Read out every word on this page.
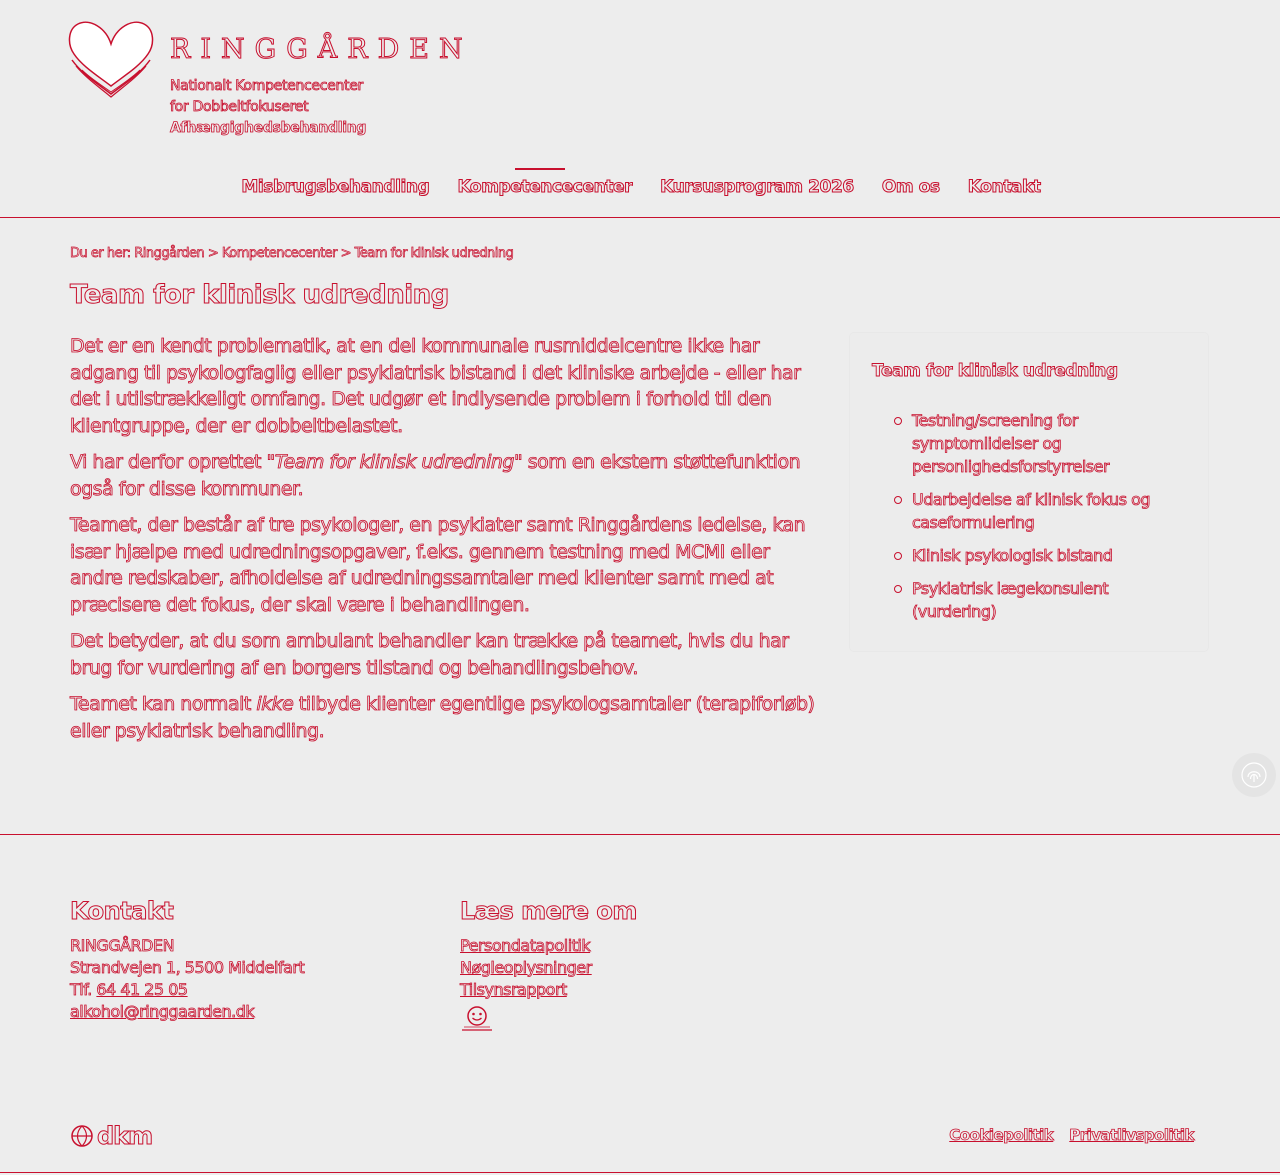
RINGGÅRDEN
Nationalt Kompetencecenter
for Dobbeltfokuseret
Afhængighedsbehandling
Misbrugsbehandling Kompetencecenter Kursusprogram 2026 Om os Kontakt
Du er her: Ringgården > Kompetencecenter > Team for klinisk udredning
Team for klinisk udredning

Det er en kendt problematik, at en del kommunale rusmiddelcentre ikke har adgang til psykologfaglig eller psykiatrisk bistand i det kliniske arbejde - eller har det i utilstrækkeligt omfang. Det udgør et indlysende problem i forhold til den klientgruppe, der er dobbeltbelastet.

Vi har derfor oprettet "Team for klinisk udredning" som en ekstern støttefunktion også for disse kommuner.

Teamet, der består af tre psykologer, en psykiater samt Ringgårdens ledelse, kan især hjælpe med udredningsopgaver, f.eks. gennem testning med MCMI eller andre redskaber, afholdelse af udredningssamtaler med klienter samt med at præcisere det fokus, der skal være i behandlingen.

Det betyder, at du som ambulant behandler kan trække på teamet, hvis du har brug for vurdering af en borgers tilstand og behandlingsbehov.

Teamet kan normalt ikke tilbyde klienter egentlige psykologsamtaler (terapiforløb) eller psykiatrisk behandling.

Team for klinisk udredning
Testning/screening for symptomlidelser og personlighedsforstyrrelser
Udarbejdelse af klinisk fokus og caseformulering
Klinisk psykologisk bistand
Psykiatrisk lægekonsulent (vurdering)
Kontakt
RINGGÅRDEN
Strandvejen 1, 5500 Middelfart
Tlf. 64 41 25 05
alkohol@ringgaarden.dk
Læs mere om
Persondatapolitik
Nøgleoplysninger
Tilsynsrapport
dkm	Cookiepolitik Privatlivspolitik
